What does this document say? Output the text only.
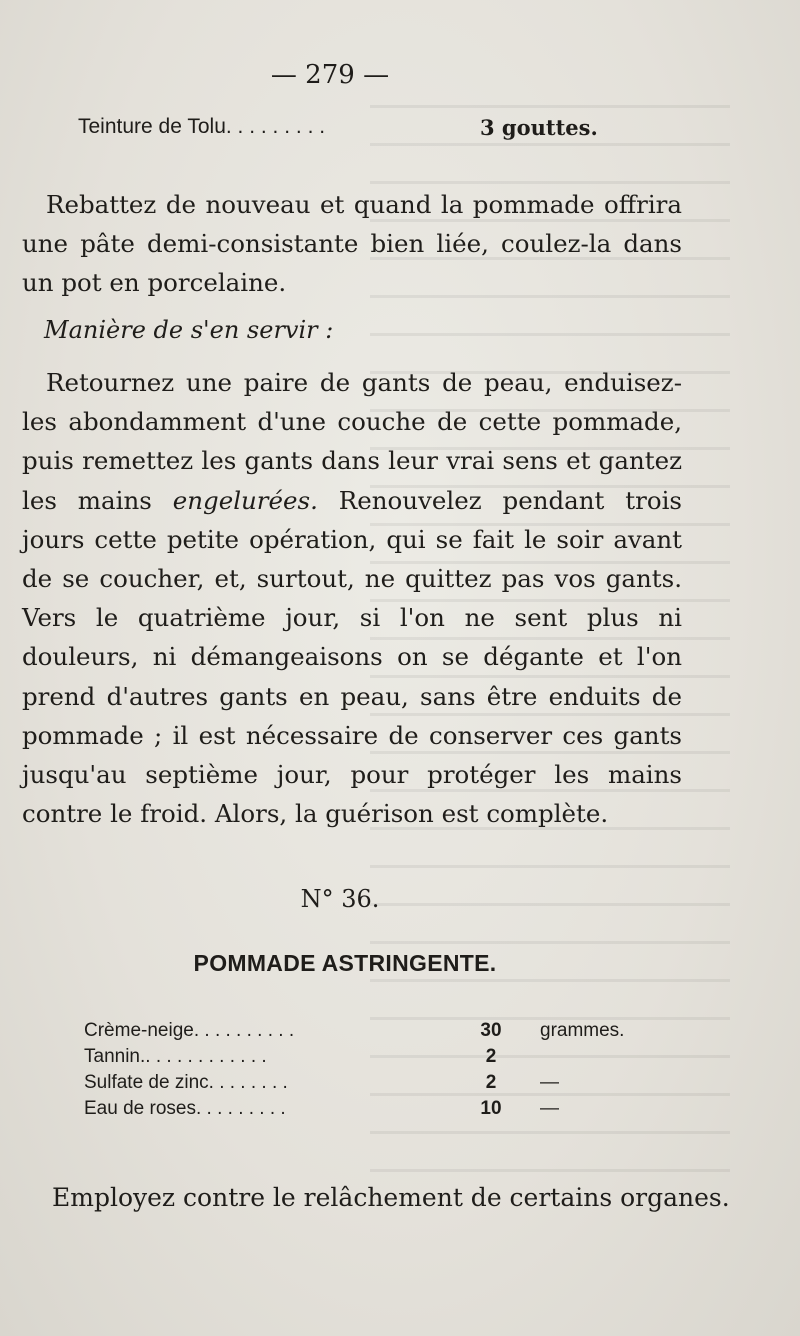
— 279 —
Teinture de Tolu. . . . . . . . .	3 gouttes.
Rebattez de nouveau et quand la pommade offrira une pâte demi-consistante bien liée, coulez-la dans un pot en porcelaine.
Manière de s'en servir :
Retournez une paire de gants de peau, enduisez-les abondamment d'une couche de cette pommade, puis remettez les gants dans leur vrai sens et gantez les mains engelurées. Renouvelez pendant trois jours cette petite opération, qui se fait le soir avant de se coucher, et, surtout, ne quittez pas vos gants. Vers le quatrième jour, si l'on ne sent plus ni douleurs, ni démangeaisons on se dégante et l'on prend d'autres gants en peau, sans être enduits de pommade ; il est nécessaire de conserver ces gants jusqu'au septième jour, pour protéger les mains contre le froid. Alors, la guérison est complète.
N° 36.
POMMADE ASTRINGENTE.
Crème-neige. . . . . . . . . .	30	grammes.
Tannin.. . . . . . . . . . . .	2
Sulfate de zinc. . . . . . . .	2	—
Eau de roses. . . . . . . . .	10	—
Employez contre le relâchement de certains organes.
